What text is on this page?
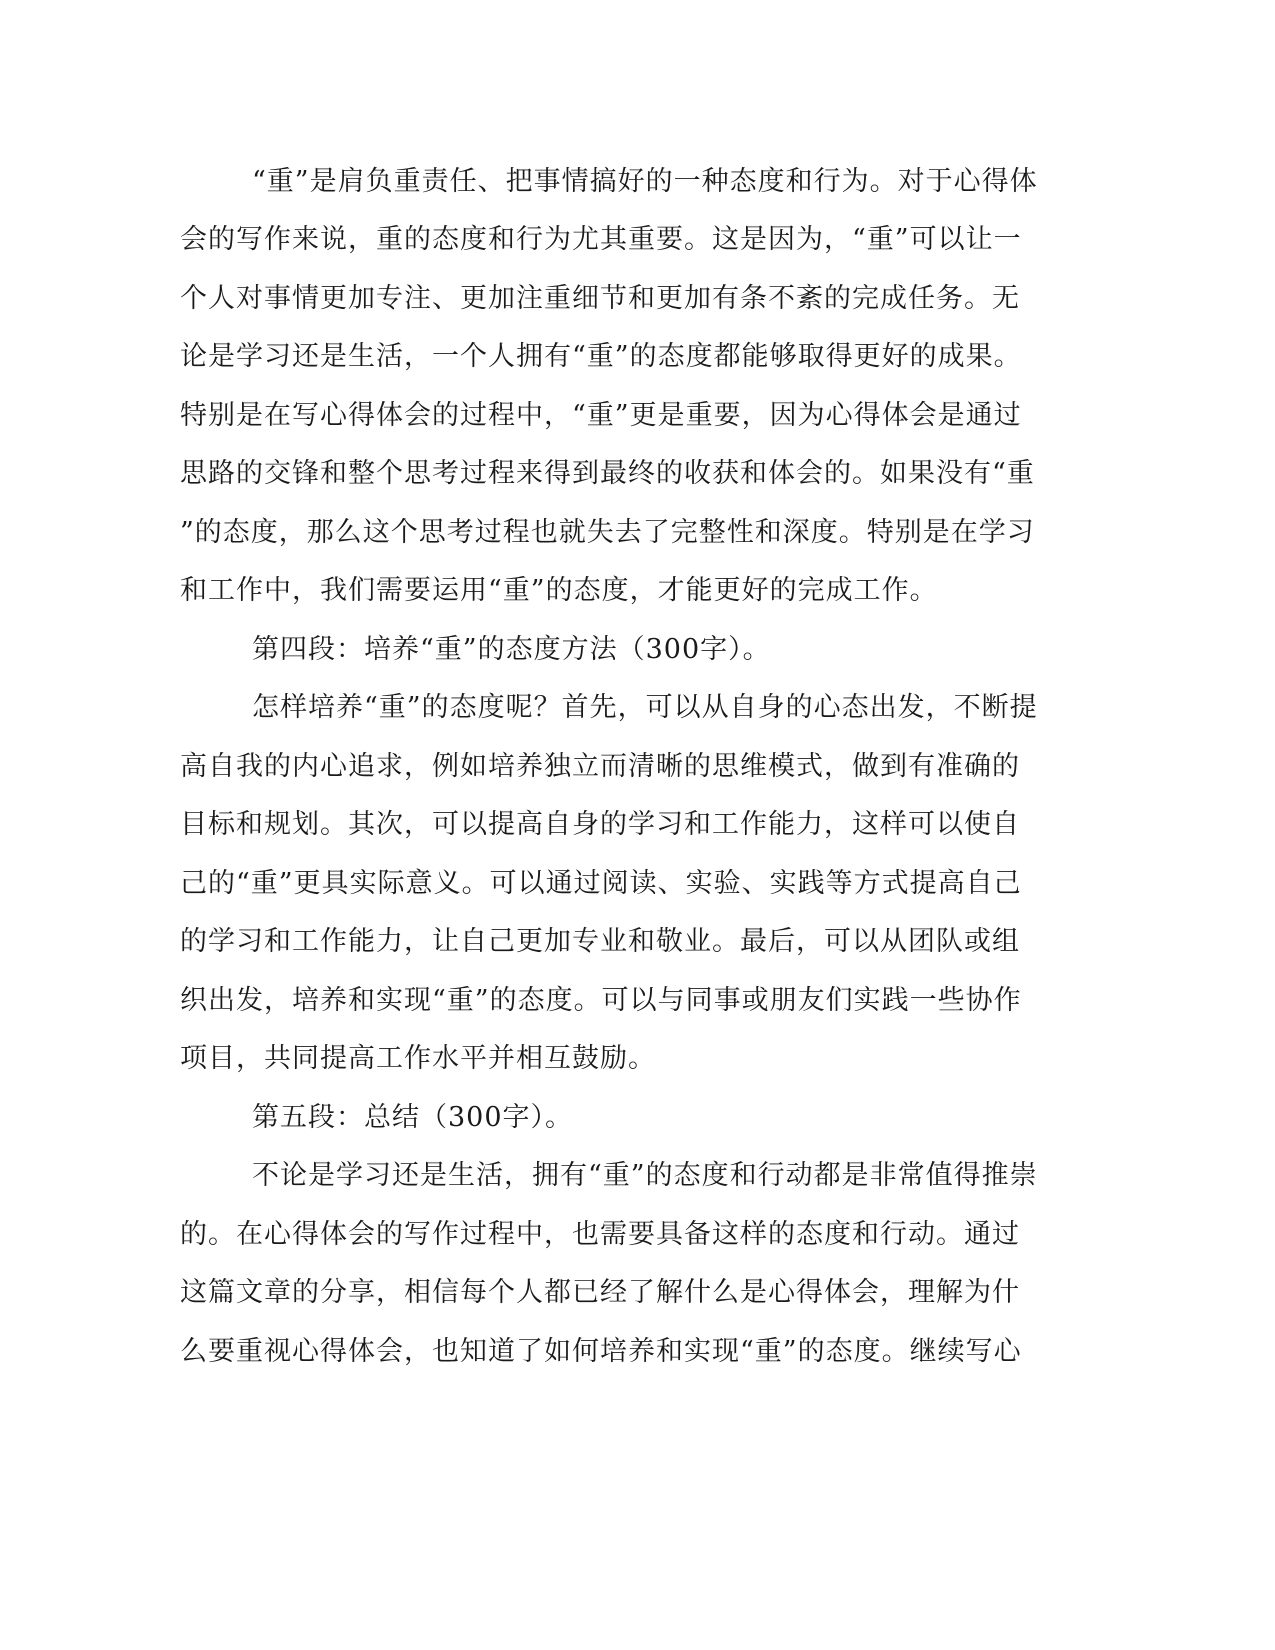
“重”是肩负重责任、把事情搞好的一种态度和行为。对于心得体

会的写作来说，重的态度和行为尤其重要。这是因为，“重”可以让一

个人对事情更加专注、更加注重细节和更加有条不紊的完成任务。无

论是学习还是生活，一个人拥有“重”的态度都能够取得更好的成果。

特别是在写心得体会的过程中，“重”更是重要，因为心得体会是通过

思路的交锋和整个思考过程来得到最终的收获和体会的。如果没有“重

”的态度，那么这个思考过程也就失去了完整性和深度。特别是在学习

和工作中，我们需要运用“重”的态度，才能更好的完成工作。

第四段：培养“重”的态度方法（300字）。

怎样培养“重”的态度呢？首先，可以从自身的心态出发，不断提

高自我的内心追求，例如培养独立而清晰的思维模式，做到有准确的

目标和规划。其次，可以提高自身的学习和工作能力，这样可以使自

己的“重”更具实际意义。可以通过阅读、实验、实践等方式提高自己

的学习和工作能力，让自己更加专业和敬业。最后，可以从团队或组

织出发，培养和实现“重”的态度。可以与同事或朋友们实践一些协作

项目，共同提高工作水平并相互鼓励。

第五段：总结（300字）。

不论是学习还是生活，拥有“重”的态度和行动都是非常值得推崇

的。在心得体会的写作过程中，也需要具备这样的态度和行动。通过

这篇文章的分享，相信每个人都已经了解什么是心得体会，理解为什

么要重视心得体会，也知道了如何培养和实现“重”的态度。继续写心
